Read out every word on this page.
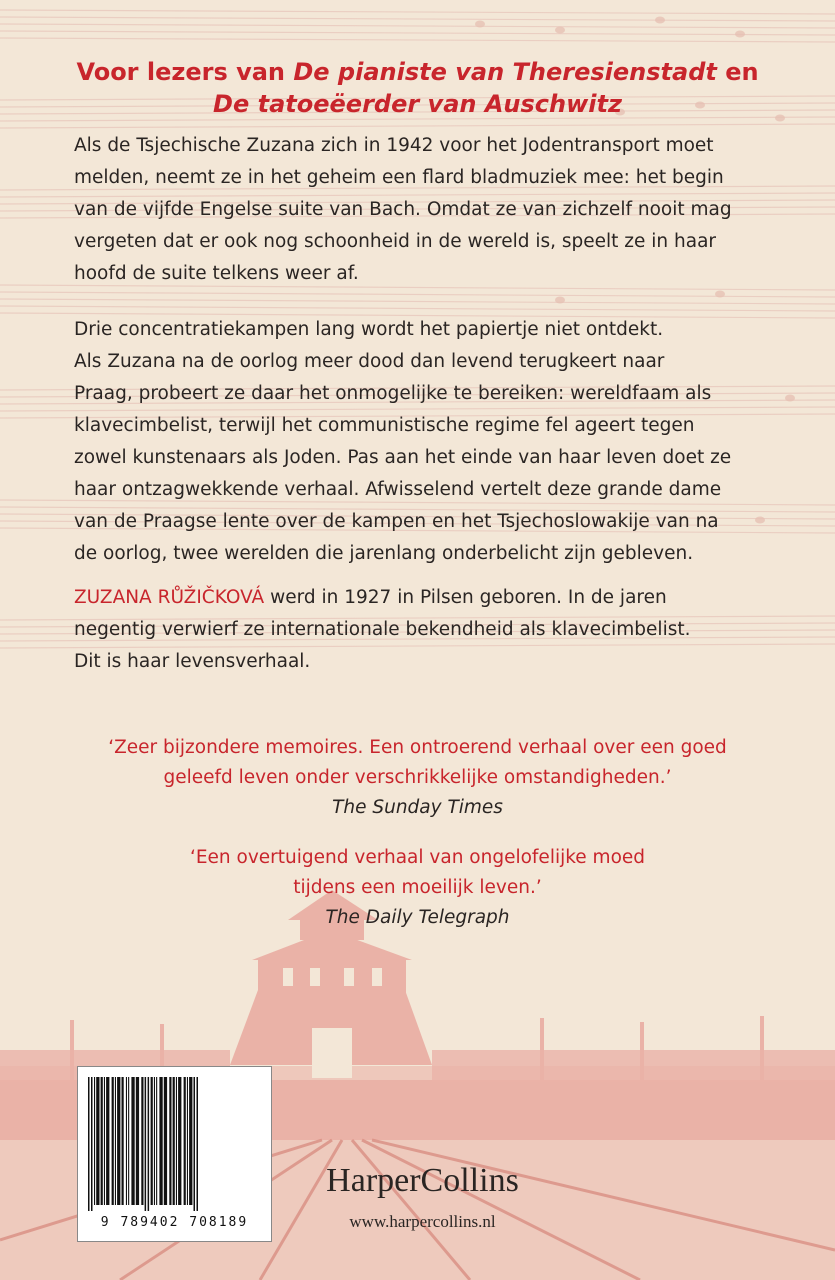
Voor lezers van De pianiste van Theresienstadt en
De tatoeëerder van Auschwitz
Als de Tsjechische Zuzana zich in 1942 voor het Jodentransport moet
melden, neemt ze in het geheim een flard bladmuziek mee: het begin
van de vijfde Engelse suite van Bach. Omdat ze van zichzelf nooit mag
vergeten dat er ook nog schoonheid in de wereld is, speelt ze in haar
hoofd de suite telkens weer af.
Drie concentratiekampen lang wordt het papiertje niet ontdekt.
Als Zuzana na de oorlog meer dood dan levend terugkeert naar
Praag, probeert ze daar het onmogelijke te bereiken: wereldfaam als
klavecimbelist, terwijl het communistische regime fel ageert tegen
zowel kunstenaars als Joden. Pas aan het einde van haar leven doet ze
haar ontzagwekkende verhaal. Afwisselend vertelt deze grande dame
van de Praagse lente over de kampen en het Tsjechoslowakije van na
de oorlog, twee werelden die jarenlang onderbelicht zijn gebleven.
ZUZANA RŮŽIČKOVÁ werd in 1927 in Pilsen geboren. In de jaren
negentig verwierf ze internationale bekendheid als klavecimbelist.
Dit is haar levensverhaal.
‘Zeer bijzondere memoires. Een ontroerend verhaal over een goed
geleefd leven onder verschrikkelijke omstandigheden.’
The Sunday Times
‘Een overtuigend verhaal van ongelofelijke moed
tijdens een moeilijk leven.’
The Daily Telegraph
9 789402 708189
HarperCollins
www.harpercollins.nl
